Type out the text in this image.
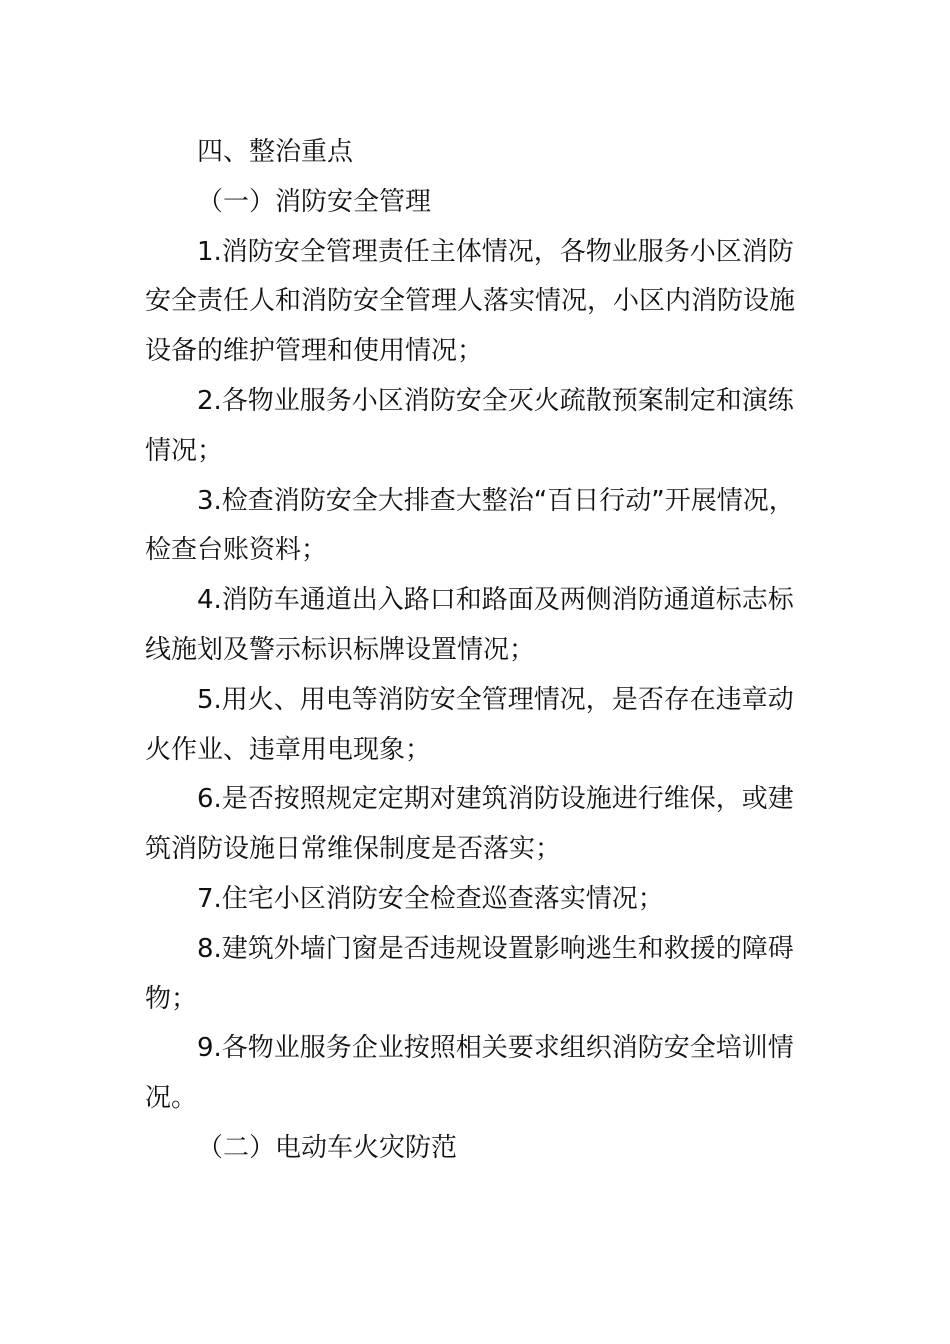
四、整治重点

（一）消防安全管理

1.消防安全管理责任主体情况，各物业服务小区消防安全责任人和消防安全管理人落实情况，小区内消防设施设备的维护管理和使用情况；

2.各物业服务小区消防安全灭火疏散预案制定和演练情况；

3.检查消防安全大排查大整治“百日行动”开展情况，检查台账资料；

4.消防车通道出入路口和路面及两侧消防通道标志标线施划及警示标识标牌设置情况；

5.用火、用电等消防安全管理情况，是否存在违章动火作业、违章用电现象；

6.是否按照规定定期对建筑消防设施进行维保，或建筑消防设施日常维保制度是否落实；

7.住宅小区消防安全检查巡查落实情况；

8.建筑外墙门窗是否违规设置影响逃生和救援的障碍物；

9.各物业服务企业按照相关要求组织消防安全培训情况。

（二）电动车火灾防范
